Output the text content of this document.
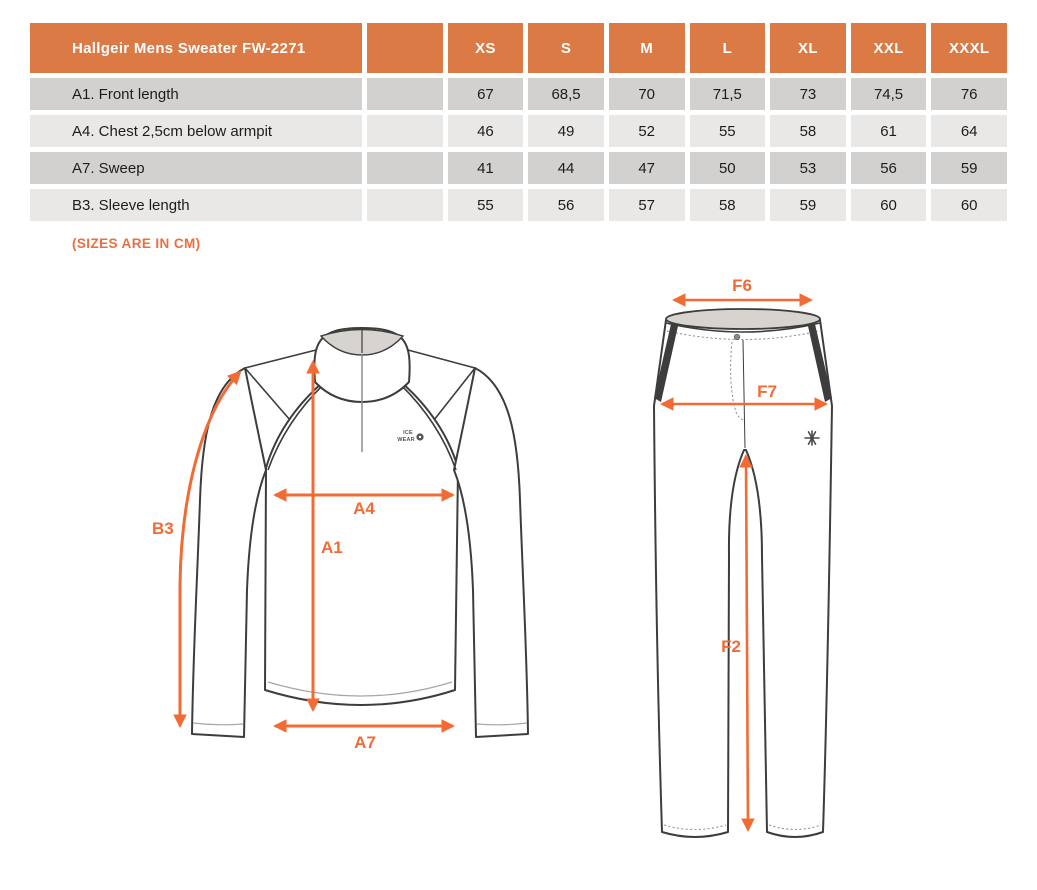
Hallgeir Mens Sweater FW-2271	XS	S	M	L	XL	XXL	XXXL
A1. Front length	67	68,5	70	71,5	73	74,5	76
A4. Chest 2,5cm below armpit	46	49	52	55	58	61	64
A7. Sweep	41	44	47	50	53	56	59
B3. Sleeve length	55	56	57	58	59	60	60
(SIZES ARE IN CM)
ICE
WEAR
B3
A4
A1
A7
F6
F7
F2
